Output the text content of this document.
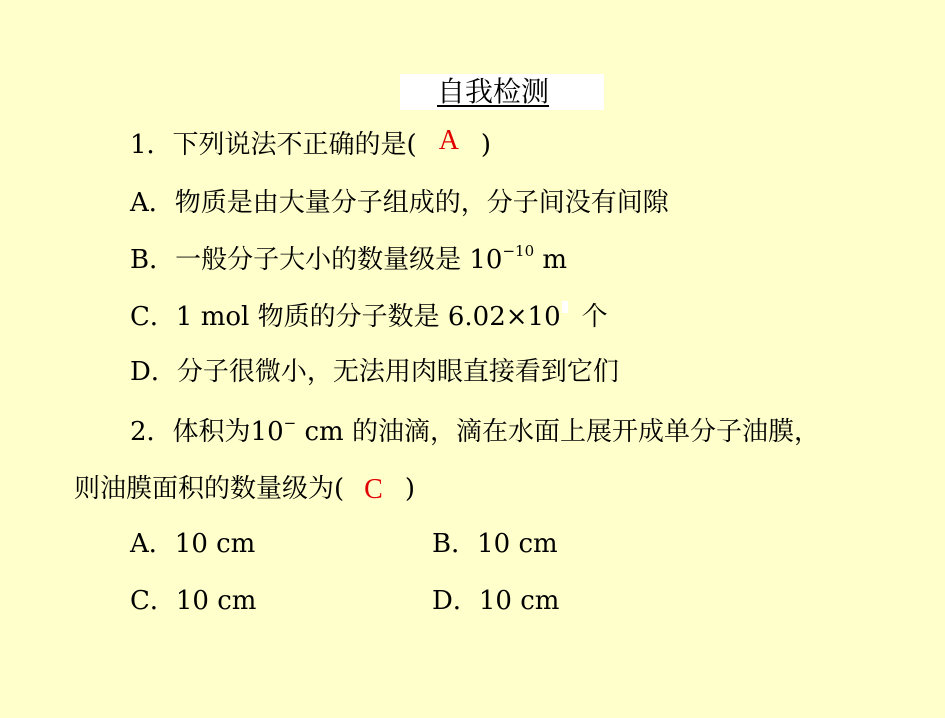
自我检测
1．下列说法不正确的是( A )
A．物质是由大量分子组成的，分子间没有间隙
B．一般分子大小的数量级是 $10^{-10}$ m
C．1 mol 物质的分子数是 6.02×10 个
D．分子很微小，无法用肉眼直接看到它们
2．体积为10− cm 的油滴，滴在水面上展开成单分子油膜，
则油膜面积的数量级为( C )
A．10 cm	B．10 cm
C．10 cm	D．10 cm
